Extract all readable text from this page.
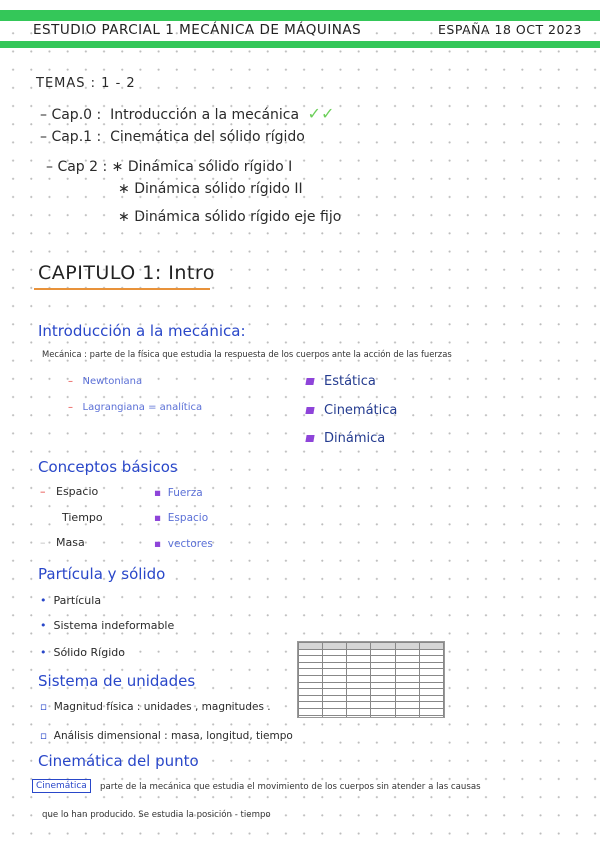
ESTUDIO PARCIAL 1 MECÁNICA DE MÁQUINAS	ESPAÑA 18 OCT 2023
TEMAS : 1 - 2
– Cap.0 : Introducción a la mecánica ✓✓
– Cap.1 : Cinemática del sólido rígido
– Cap 2 : ∗ Dinámica sólido rígido I
∗ Dinámica sólido rígido II
∗ Dinámica sólido rígido eje fijo
CAPITULO 1: Intro
Introducción a la mecánica:
Mecánica : parte de la física que estudia la respuesta de los cuerpos ante la acción de las fuerzas
–   Newtoniana
–   Lagrangiana = analítica
Estática
Cinemática
Dinámica
Conceptos básicos
–   Espacio
Tiempo
–   Masa
▪  Fuerza
▪  Espacio
▪  vectores
Partícula y sólido
•  Partícula
•  Sistema indeformable
•  Sólido Rígido

Sistema de unidades
▫  Magnitud física : unidades , magnitudes .
▫  Análisis dimensional : masa, longitud, tiempo
Cinemática del punto
Cinemática	parte de la mecánica que estudia el movimiento de los cuerpos sin atender a las causas
que lo han producido. Se estudia la posición - tiempo
